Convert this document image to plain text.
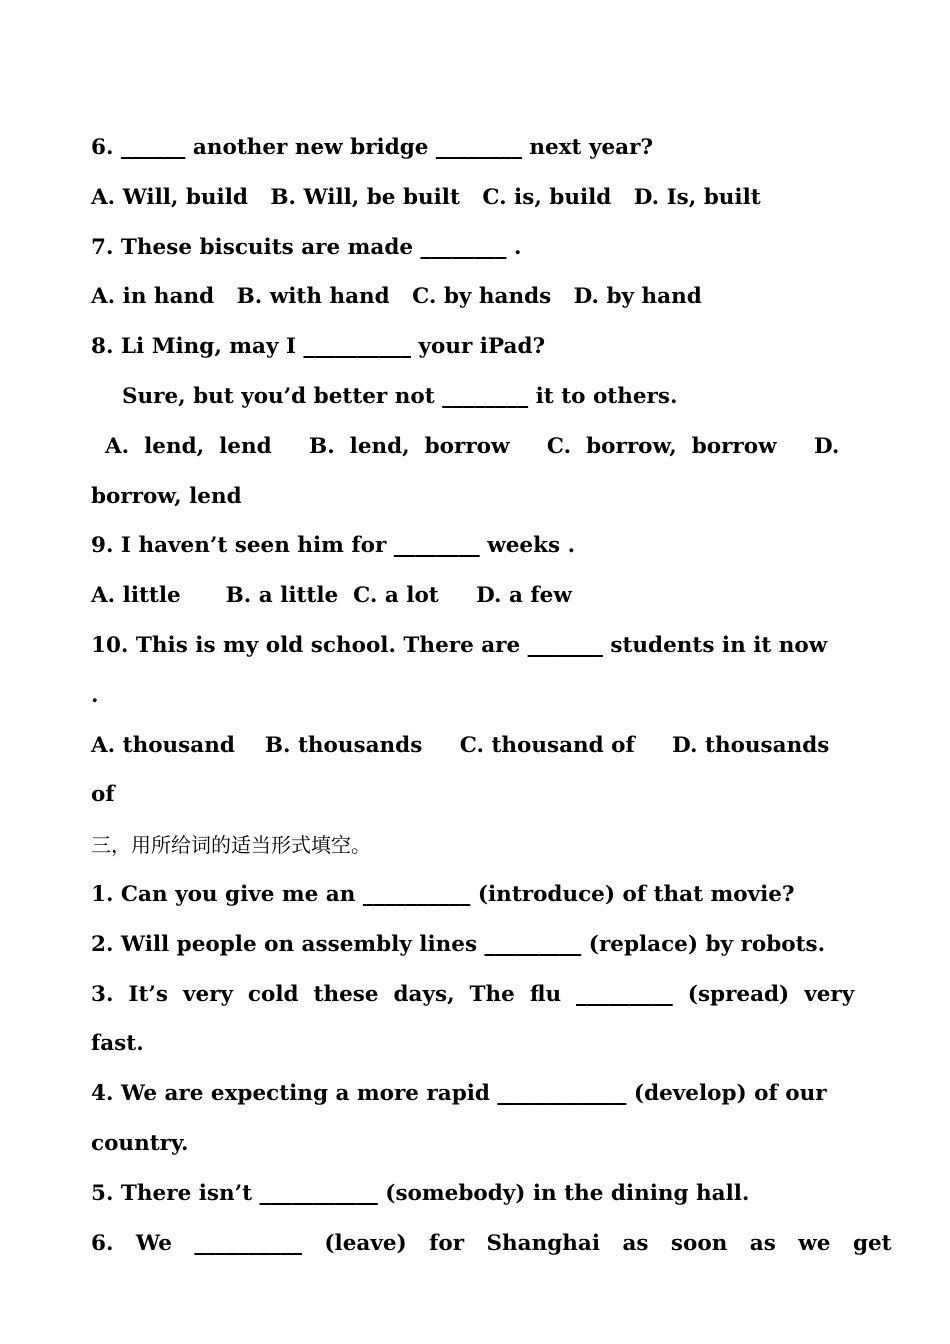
6. ______ another new bridge ________ next year?
A. Will, build   B. Will, be built   C. is, build   D. Is, built
7. These biscuits are made ________ .
A. in hand   B. with hand   C. by hands   D. by hand
8. Li Ming, may I __________ your iPad?
Sure, but you’d better not ________ it to others.
A.  lend,  lend     B.  lend,  borrow     C.  borrow,  borrow     D.
borrow, lend
9. I haven’t seen him for ________ weeks .
A. little      B. a little  C. a lot     D. a few
10. This is my old school. There are _______ students in it now
.
A. thousand    B. thousands     C. thousand of     D. thousands
of
三，用所给词的适当形式填空。
1. Can you give me an __________ (introduce) of that movie?
2. Will people on assembly lines _________ (replace) by robots.
3.  It’s  very  cold  these  days,  The  flu  _________  (spread)  very
fast.
4. We are expecting a more rapid ____________ (develop) of our
country.
5. There isn’t ___________ (somebody) in the dining hall.
6.   We   __________   (leave)   for   Shanghai   as   soon   as   we   get
